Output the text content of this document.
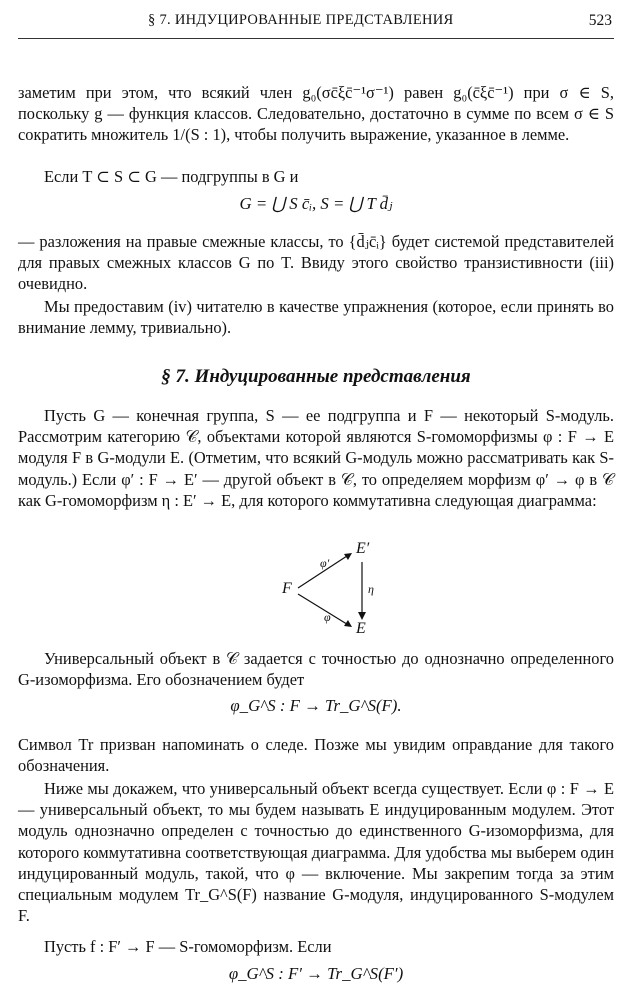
§ 7. ИНДУЦИРОВАННЫЕ ПРЕДСТАВЛЕНИЯ	523

заметим при этом, что всякий член g₀(σc̄ξc̄⁻¹σ⁻¹) равен g₀(c̄ξc̄⁻¹) при σ ∈ S, поскольку g — функция классов. Следовательно, достаточно в сумме по всем σ ∈ S сократить множитель 1/(S : 1), чтобы получить выражение, указанное в лемме.

Если T ⊂ S ⊂ G — подгруппы в G и

G = ⋃ S c̄ᵢ, S = ⋃ T d̄ⱼ

— разложения на правые смежные классы, то {d̄ⱼc̄ᵢ} будет системой представителей для правых смежных классов G по T. Ввиду этого свойство транзистивности (iii) очевидно.

Мы предоставим (iv) читателю в качестве упражнения (которое, если принять во внимание лемму, тривиально).

§ 7. Индуцированные представления

Пусть G — конечная группа, S — ее подгруппа и F — некоторый S-модуль. Рассмотрим категорию 𝒞, объектами которой являются S-гомоморфизмы φ : F → E модуля F в G-модули E. (Отметим, что всякий G-модуль можно рассматривать как S-модуль.) Если φ′ : F → E′ — другой объект в 𝒞, то определяем морфизм φ′ → φ в 𝒞 как G-гомоморфизм η : E′ → E, для которого коммутативна следующая диаграмма:

F
E′
E
φ′
φ
η

Универсальный объект в 𝒞 задается с точностью до однозначно определенного G-изоморфизма. Его обозначением будет

φ_G^S : F → Tr_G^S(F).

Символ Tr призван напоминать о следе. Позже мы увидим оправдание для такого обозначения.

Ниже мы докажем, что универсальный объект всегда существует. Если φ : F → E — универсальный объект, то мы будем называть E индуцированным модулем. Этот модуль однозначно определен с точностью до единственного G-изоморфизма, для которого коммутативна соответствующая диаграмма. Для удобства мы выберем один индуцированный модуль, такой, что φ — включение. Мы закрепим тогда за этим специальным модулем Tr_G^S(F) название G-модуля, индуцированного S-модулем F.

Пусть f : F′ → F — S-гомоморфизм. Если

φ_G^S : F′ → Tr_G^S(F′)
